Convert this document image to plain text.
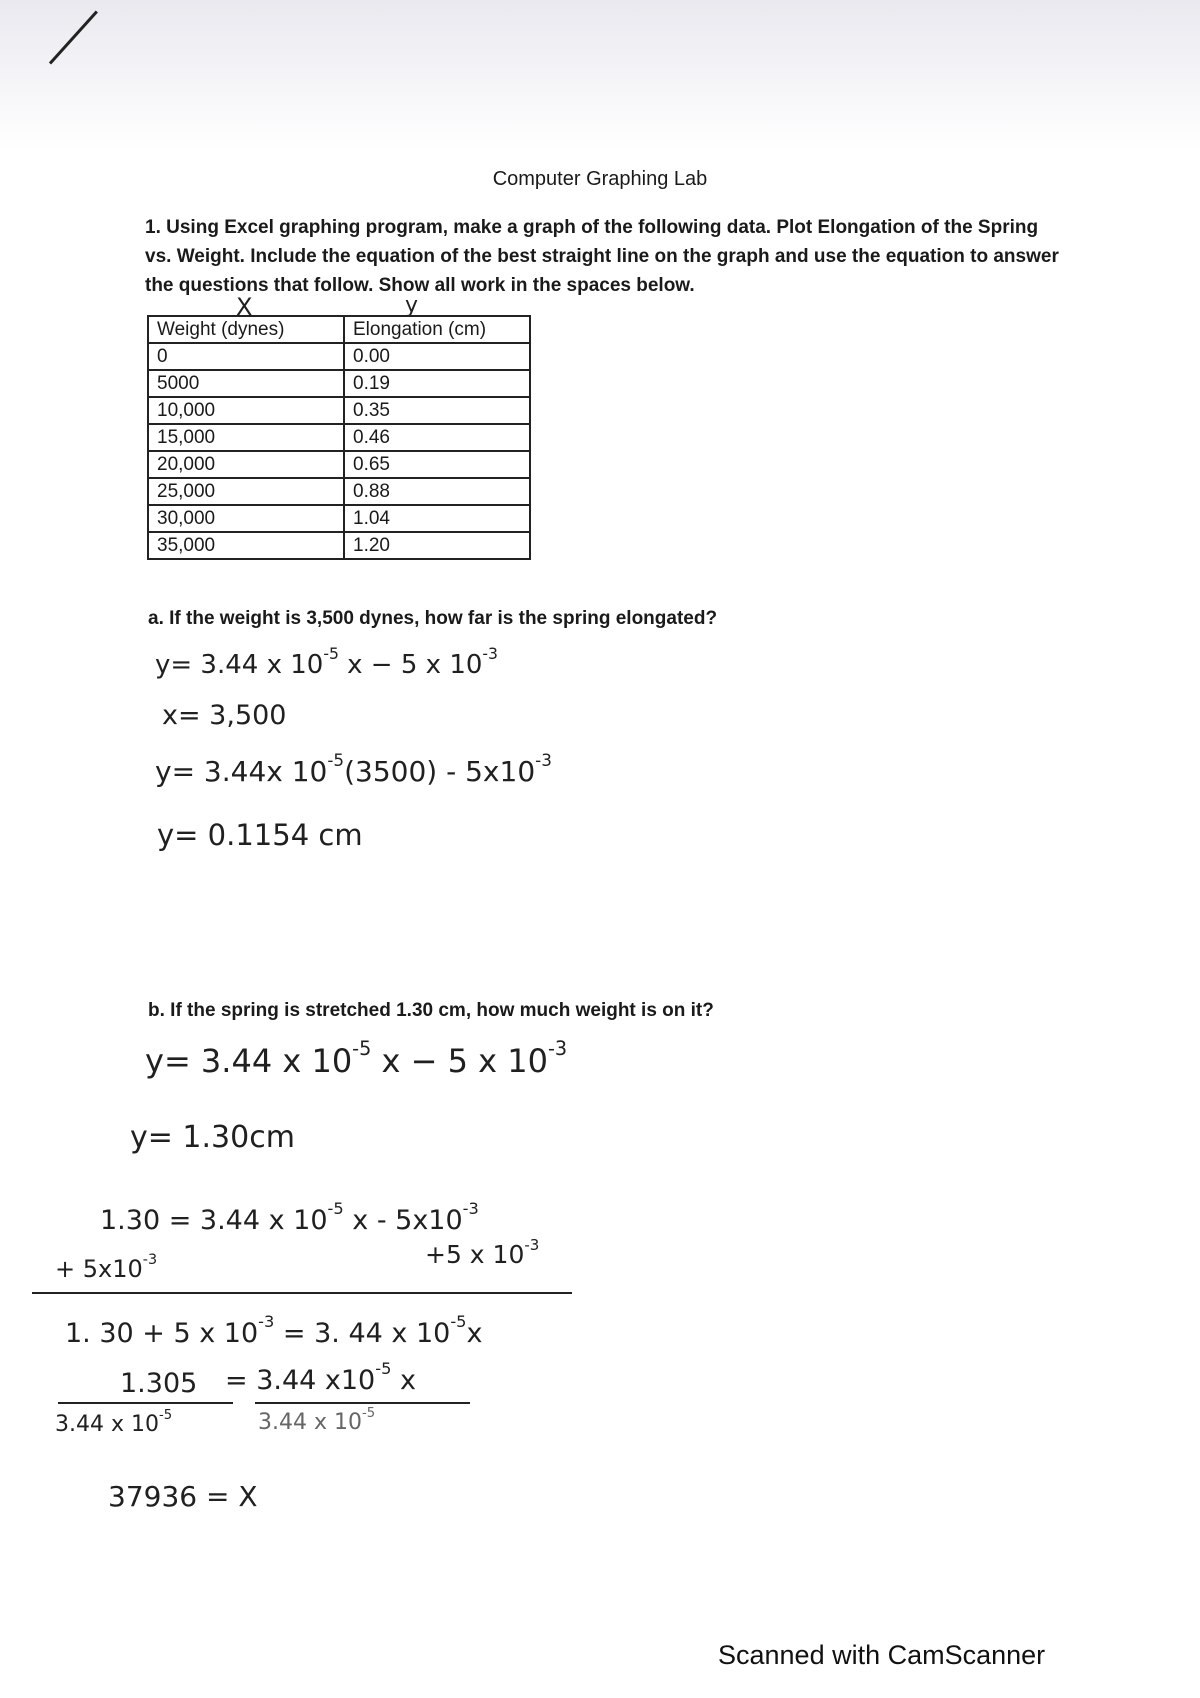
Computer Graphing Lab
1. Using Excel graphing program, make a graph of the following data. Plot Elongation of the Spring vs. Weight. Include the equation of the best straight line on the graph and use the equation to answer the questions that follow. Show all work in the spaces below.
X	y
Weight (dynes)	Elongation (cm)
0	0.00
5000	0.19
10,000	0.35
15,000	0.46
20,000	0.65
25,000	0.88
30,000	1.04
35,000	1.20
a. If the weight is 3,500 dynes, how far is the spring elongated?
y= 3.44 x $10^{-5}$ x − 5 x $10^{-3}$
x= 3,500
y= 3.44x $10^{-5}(3500) - 5x10^{-3}$
y= 0.1154 cm
b. If the spring is stretched 1.30 cm, how much weight is on it?
y= 3.44 x $10^{-5}$ x − 5 x $10^{-3}$
y= 1.30cm
1.30 = 3.44 x $10^{-5}$ x - $5x10^{-3}$
+ $5x10^{-3}$	+5 x $10^{-3}$
1. 30 + 5 x $10^{-3} = 3$. 44 x $10^{-5}x$
1.305
3.44 x $10^{-5}$
= 3.44 $x10^{-5}$ x
3.44 x $10^{-5}$
37936 = X
Scanned with CamScanner
